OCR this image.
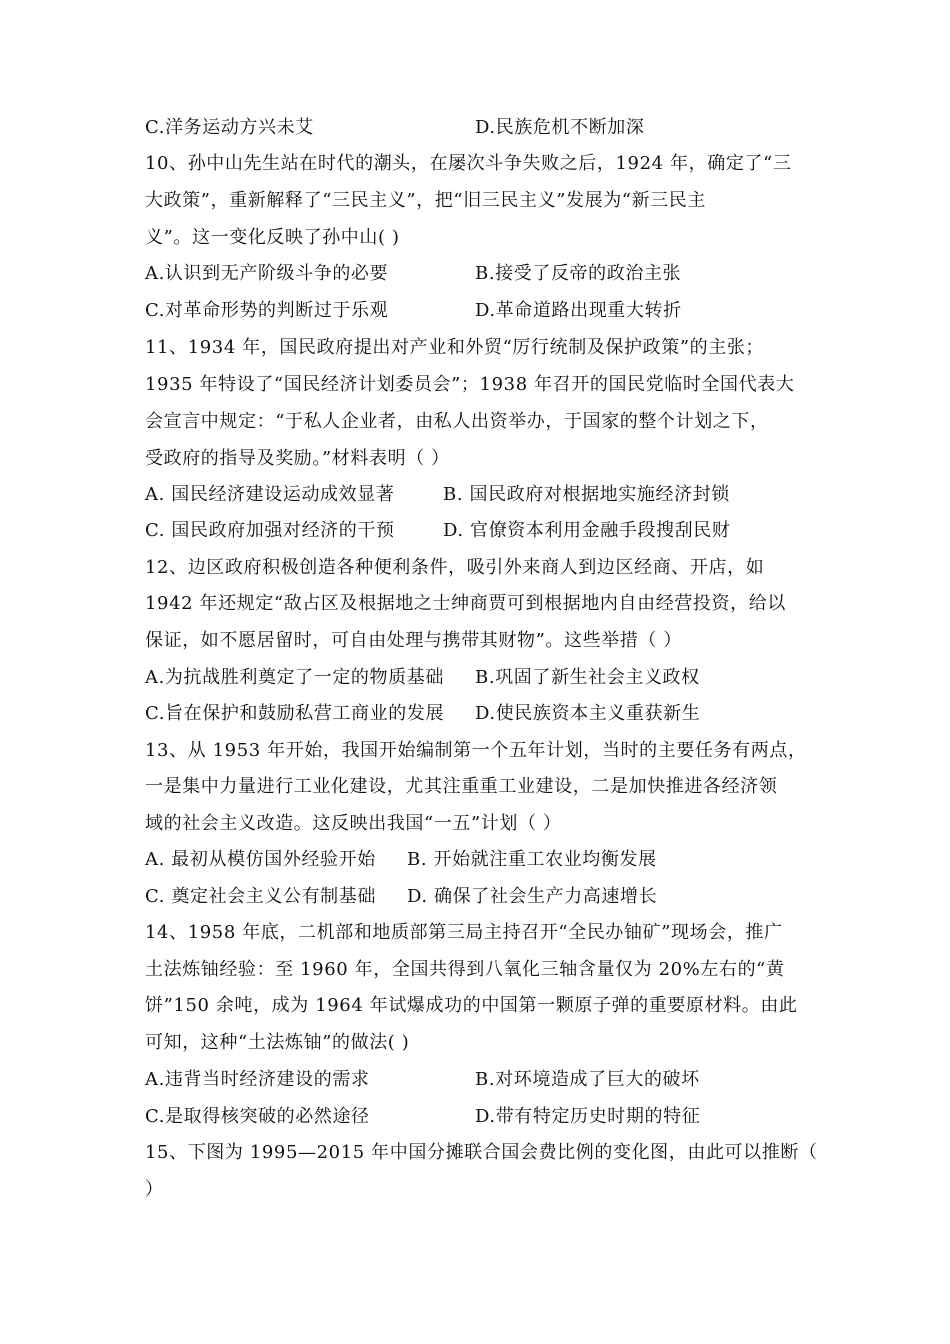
C.洋务运动方兴未艾	D.民族危机不断加深
10、孙中山先生站在时代的潮头，在屡次斗争失败之后，1924 年，确定了“三
大政策”，重新解释了“三民主义”，把“旧三民主义”发展为“新三民主
义”。这一变化反映了孙中山( )
A.认识到无产阶级斗争的必要	B.接受了反帝的政治主张
C.对革命形势的判断过于乐观	D.革命道路出现重大转折
11、1934 年，国民政府提出对产业和外贸“厉行统制及保护政策”的主张；
1935 年特设了“国民经济计划委员会”；1938 年召开的国民党临时全国代表大
会宣言中规定：“于私人企业者，由私人出资举办，于国家的整个计划之下，
受政府的指导及奖励。”材料表明（ ）
A. 国民经济建设运动成效显著	B. 国民政府对根据地实施经济封锁
C. 国民政府加强对经济的干预	D. 官僚资本利用金融手段搜刮民财
12、边区政府积极创造各种便利条件，吸引外来商人到边区经商、开店，如
1942 年还规定“敌占区及根据地之士绅商贾可到根据地内自由经营投资，给以
保证，如不愿居留时，可自由处理与携带其财物”。这些举措（ ）
A.为抗战胜利奠定了一定的物质基础 B.巩固了新生社会主义政权
C.旨在保护和鼓励私营工商业的发展 D.使民族资本主义重获新生
13、从 1953 年开始，我国开始编制第一个五年计划，当时的主要任务有两点，
一是集中力量进行工业化建设，尤其注重重工业建设，二是加快推进各经济领
域的社会主义改造。这反映出我国“一五”计划（ ）
A. 最初从模仿国外经验开始 B. 开始就注重工农业均衡发展
C. 奠定社会主义公有制基础 D. 确保了社会生产力高速增长
14、1958 年底，二机部和地质部第三局主持召开“全民办铀矿”现场会，推广
土法炼铀经验：至 1960 年，全国共得到八氧化三轴含量仅为 20%左右的“黄
饼”150 余吨，成为 1964 年试爆成功的中国第一颗原子弹的重要原材料。由此
可知，这种“土法炼铀”的做法( )
A.违背当时经济建设的需求	B.对环境造成了巨大的破坏
C.是取得核突破的必然途径	D.带有特定历史时期的特征
15、下图为 1995—2015 年中国分摊联合国会费比例的变化图，由此可以推断（
）
